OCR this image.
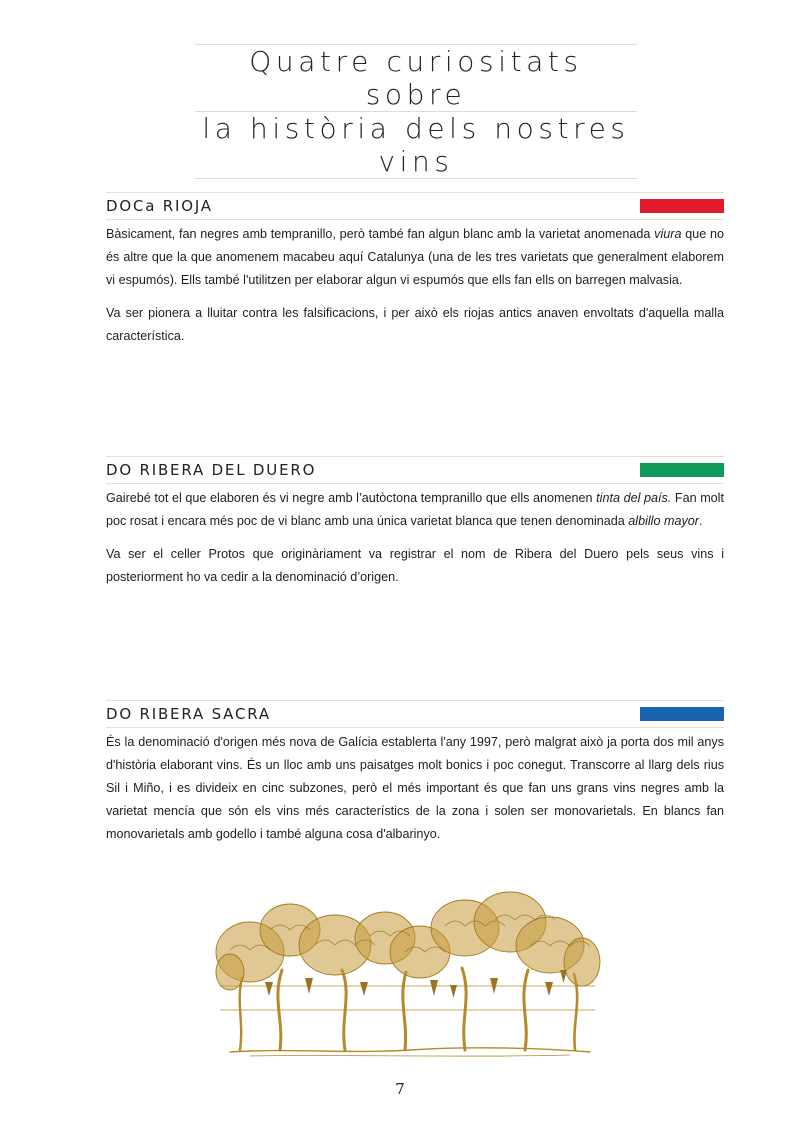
Quatre curiositats sobre
la història dels nostres vins
DOCa RIOJA

Bàsicament, fan negres amb tempranillo, però també fan algun blanc amb la varietat anomenada viura que no és altre que la que anomenem macabeu aquí Catalunya (una de les tres varietats que generalment elaborem vi espumós). Ells també l'utilitzen per elaborar algun vi espumós que ells fan ells on barregen malvasia.

Va ser pionera a lluitar contra les falsificacions, i per això els riojas antics anaven envoltats d'aquella malla característica.

DO RIBERA DEL DUERO

Gairebé tot el que elaboren és vi negre amb l’autòctona tempranillo que ells anomenen tinta del país. Fan molt poc rosat i encara més poc de vi blanc amb una única varietat blanca que tenen denominada albillo mayor.

Va ser el celler Protos que originàriament va registrar el nom de Ribera del Duero pels seus vins i posteriorment ho va cedir a la denominació d’origen.

DO RIBERA SACRA

És la denominació d'origen més nova de Galícia establerta l'any 1997, però malgrat això ja porta dos mil anys d'història elaborant vins. És un lloc amb uns paisatges molt bonics i poc conegut. Transcorre al llarg dels rius Sil i Miño, i es divideix en cinc subzones, però el més important és que fan uns grans vins negres amb la varietat mencía que són els vins més característics de la zona i solen ser monovarietals. En blancs fan monovarietals amb godello i també alguna cosa d'albarinyo.

7
